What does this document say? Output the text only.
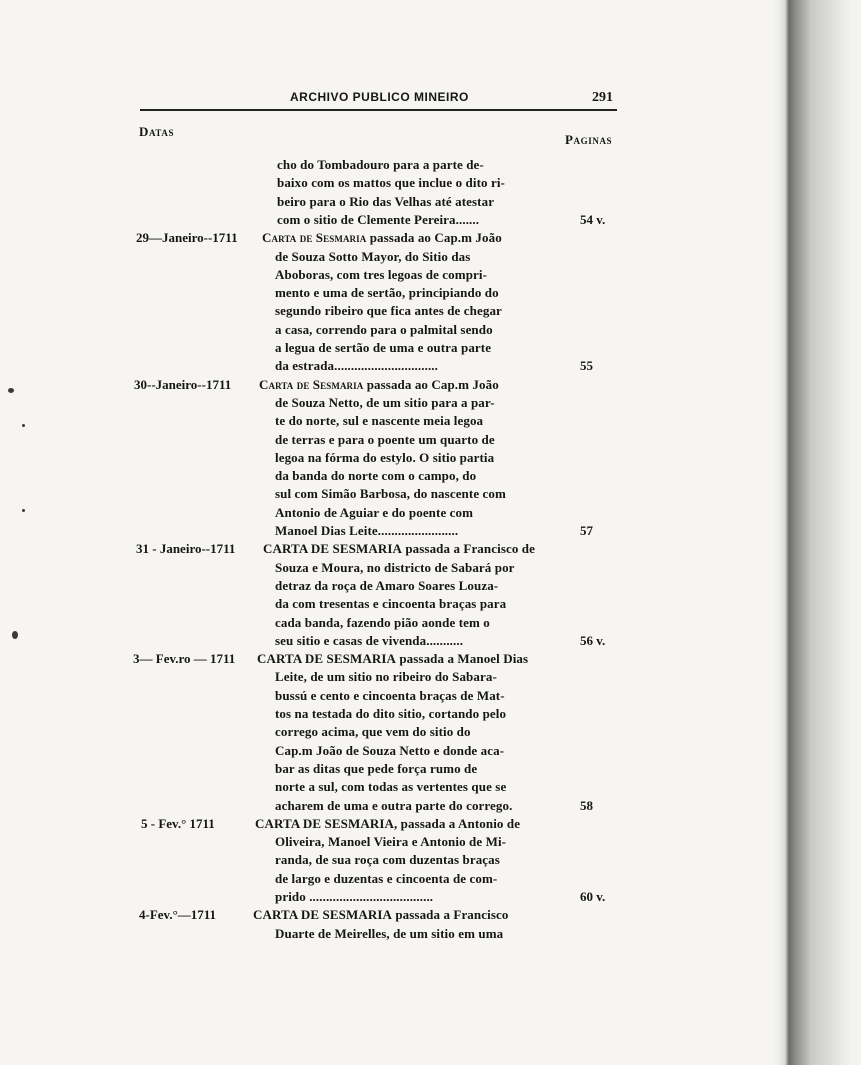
ARCHIVO PUBLICO MINEIRO	291
Datas
Paginas
cho do Tombadouro para a parte de-
baixo com os mattos que inclue o dito ri-
beiro para o Rio das Velhas até atestar
com o sitio de Clemente Pereira.......	54 v.
29—Janeiro--1711 Carta de Sesmaria passada ao Cap.m João
de Souza Sotto Mayor, do Sitio das
Aboboras, com tres legoas de compri-
mento e uma de sertão, principiando do
segundo ribeiro que fica antes de chegar
a casa, correndo para o palmital sendo
a legua de sertão de uma e outra parte
da estrada...............................	55
30--Janeiro--1711 Carta de Sesmaria passada ao Cap.m João
de Souza Netto, de um sitio para a par-
te do norte, sul e nascente meia legoa
de terras e para o poente um quarto de
legoa na fórma do estylo. O sitio partia
da banda do norte com o campo, do
sul com Simão Barbosa, do nascente com
Antonio de Aguiar e do poente com
Manoel Dias Leite........................	57
31 - Janeiro--1711 CARTA DE SESMARIA passada a Francisco de
Souza e Moura, no districto de Sabará por
detraz da roça de Amaro Soares Louza-
da com tresentas e cincoenta braças para
cada banda, fazendo pião aonde tem o
seu sitio e casas de vivenda...........	56 v.
3— Fev.ro — 1711 CARTA DE SESMARIA passada a Manoel Dias
Leite, de um sitio no ribeiro do Sabara-
bussú e cento e cincoenta braças de Mat-
tos na testada do dito sitio, cortando pelo
corrego acima, que vem do sitio do
Cap.m João de Souza Netto e donde aca-
bar as ditas que pede força rumo de
norte a sul, com todas as vertentes que se
acharem de uma e outra parte do corrego.	58
5 - Fev.° 1711	CARTA DE SESMARIA, passada a Antonio de
Oliveira, Manoel Vieira e Antonio de Mi-
randa, de sua roça com duzentas braças
de largo e duzentas e cincoenta de com-
prido .....................................	60 v.
4-Fev.°—1711	CARTA DE SESMARIA passada a Francisco
Duarte de Meirelles, de um sitio em uma
